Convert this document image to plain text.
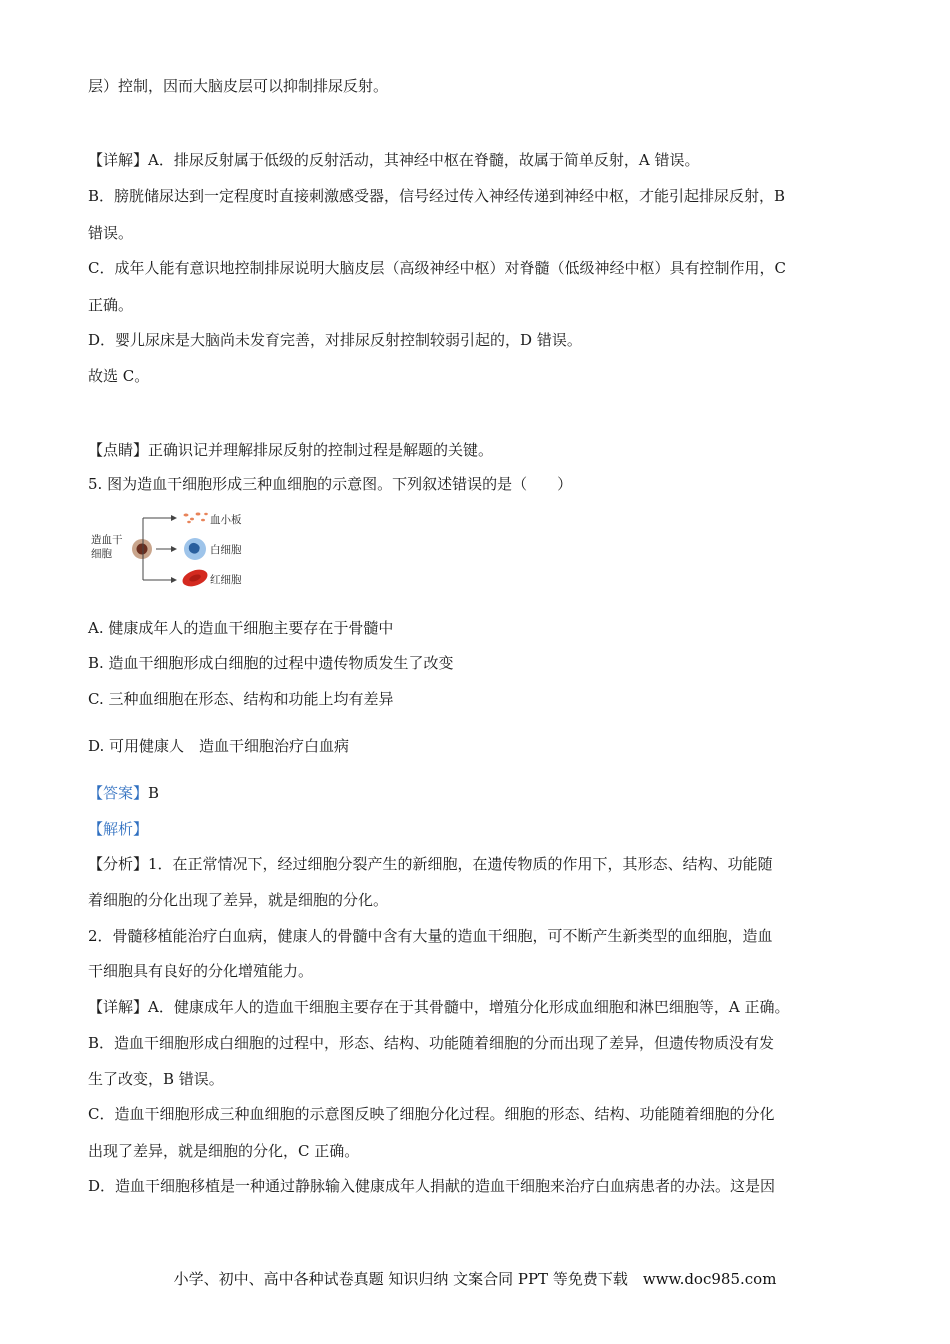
层）控制，因而大脑皮层可以抑制排尿反射。
【详解】A．排尿反射属于低级的反射活动，其神经中枢在脊髓，故属于简单反射，A 错误。
B．膀胱储尿达到一定程度时直接刺激感受器，信号经过传入神经传递到神经中枢，才能引起排尿反射，B
错误。
C．成年人能有意识地控制排尿说明大脑皮层（高级神经中枢）对脊髓（低级神经中枢）具有控制作用，C
正确。
D．婴儿尿床是大脑尚未发育完善，对排尿反射控制较弱引起的，D 错误。
故选 C。
【点睛】正确识记并理解排尿反射的控制过程是解题的关键。
5. 图为造血干细胞形成三种血细胞的示意图。下列叙述错误的是（　　）
造血干
细胞
血小板
白细胞
红细胞
A. 健康成年人的造血干细胞主要存在于骨髓中
B. 造血干细胞形成白细胞的过程中遗传物质发生了改变
C. 三种血细胞在形态、结构和功能上均有差异
D. 可用健康人　造血干细胞治疗白血病
【答案】B
【解析】
【分析】1．在正常情况下，经过细胞分裂产生的新细胞，在遗传物质的作用下，其形态、结构、功能随
着细胞的分化出现了差异，就是细胞的分化。
2．骨髓移植能治疗白血病，健康人的骨髓中含有大量的造血干细胞，可不断产生新类型的血细胞，造血
干细胞具有良好的分化增殖能力。
【详解】A．健康成年人的造血干细胞主要存在于其骨髓中，增殖分化形成血细胞和淋巴细胞等，A 正确。
B．造血干细胞形成白细胞的过程中，形态、结构、功能随着细胞的分而出现了差异，但遗传物质没有发
生了改变，B 错误。
C．造血干细胞形成三种血细胞的示意图反映了细胞分化过程。细胞的形态、结构、功能随着细胞的分化
出现了差异，就是细胞的分化，C 正确。
D．造血干细胞移植是一种通过静脉输入健康成年人捐献的造血干细胞来治疗白血病患者的办法。这是因
小学、初中、高中各种试卷真题 知识归纳 文案合同 PPT 等免费下载　www.doc985.com
